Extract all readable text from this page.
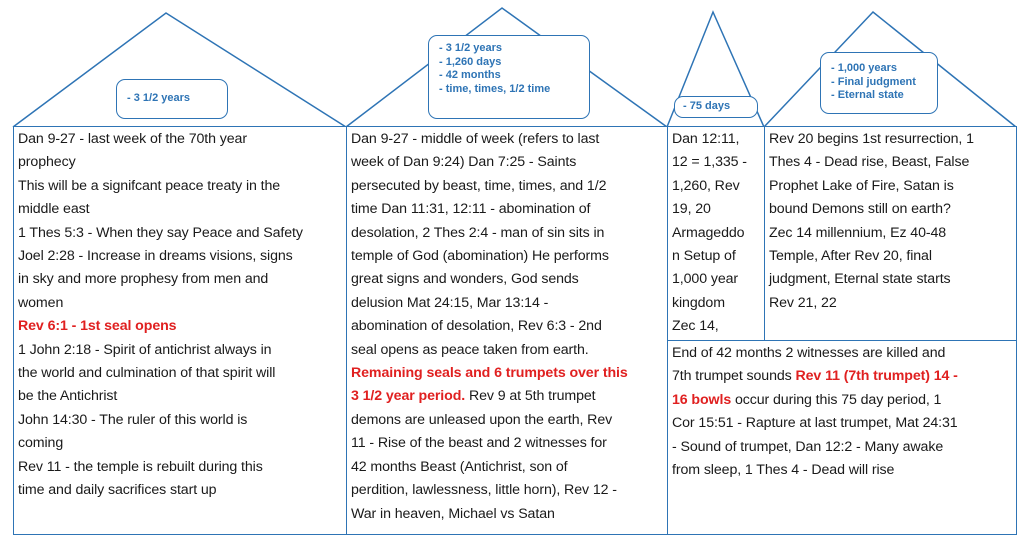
- 3 1/2 years
- 3 1/2 years
- 1,260 days
- 42 months
- time, times, 1/2 time
- 75 days
- 1,000 years
- Final judgment
- Eternal state
Dan 9-27 - last week of the 70th year
prophecy
This will be a signifcant peace treaty in the
middle east
1 Thes 5:3 - When they say Peace and Safety
Joel 2:28 - Increase in dreams visions, signs
in sky and more prophesy from men and
women
Rev 6:1 - 1st seal opens
1 John 2:18 - Spirit of antichrist always in
the world and culmination of that spirit will
be the Antichrist
John 14:30 - The ruler of this world is
coming
Rev 11 - the temple is rebuilt during this
time and daily sacrifices start up
Dan 9-27 - middle of week (refers to last
week of Dan 9:24) Dan 7:25 - Saints
persecuted by beast, time, times, and 1/2
time Dan 11:31, 12:11 - abomination of
desolation, 2 Thes 2:4 - man of sin sits in
temple of God (abomination) He performs
great signs and wonders, God sends
delusion Mat 24:15, Mar 13:14 -
abomination of desolation, Rev 6:3 - 2nd
seal opens as peace taken from earth.
Remaining seals and 6 trumpets over this
3 1/2 year period. Rev 9 at 5th trumpet
demons are unleased upon the earth, Rev
11 - Rise of the beast and 2 witnesses for
42 months Beast (Antichrist, son of
perdition, lawlessness, little horn), Rev 12 -
War in heaven, Michael vs Satan
Dan 12:11,
12 = 1,335 -
1,260, Rev
19, 20
Armageddo
n Setup of
1,000 year
kingdom
Zec 14,
Rev 20 begins 1st resurrection, 1
Thes 4 - Dead rise, Beast, False
Prophet Lake of Fire, Satan is
bound Demons still on earth?
Zec 14 millennium, Ez 40-48
Temple, After Rev 20, final
judgment, Eternal state starts
Rev 21, 22
End of 42 months 2 witnesses are killed and
7th trumpet sounds Rev 11 (7th trumpet) 14 -
16 bowls occur during this 75 day period, 1
Cor 15:51 - Rapture at last trumpet, Mat 24:31
- Sound of trumpet, Dan 12:2 - Many awake
from sleep, 1 Thes 4 - Dead will rise
